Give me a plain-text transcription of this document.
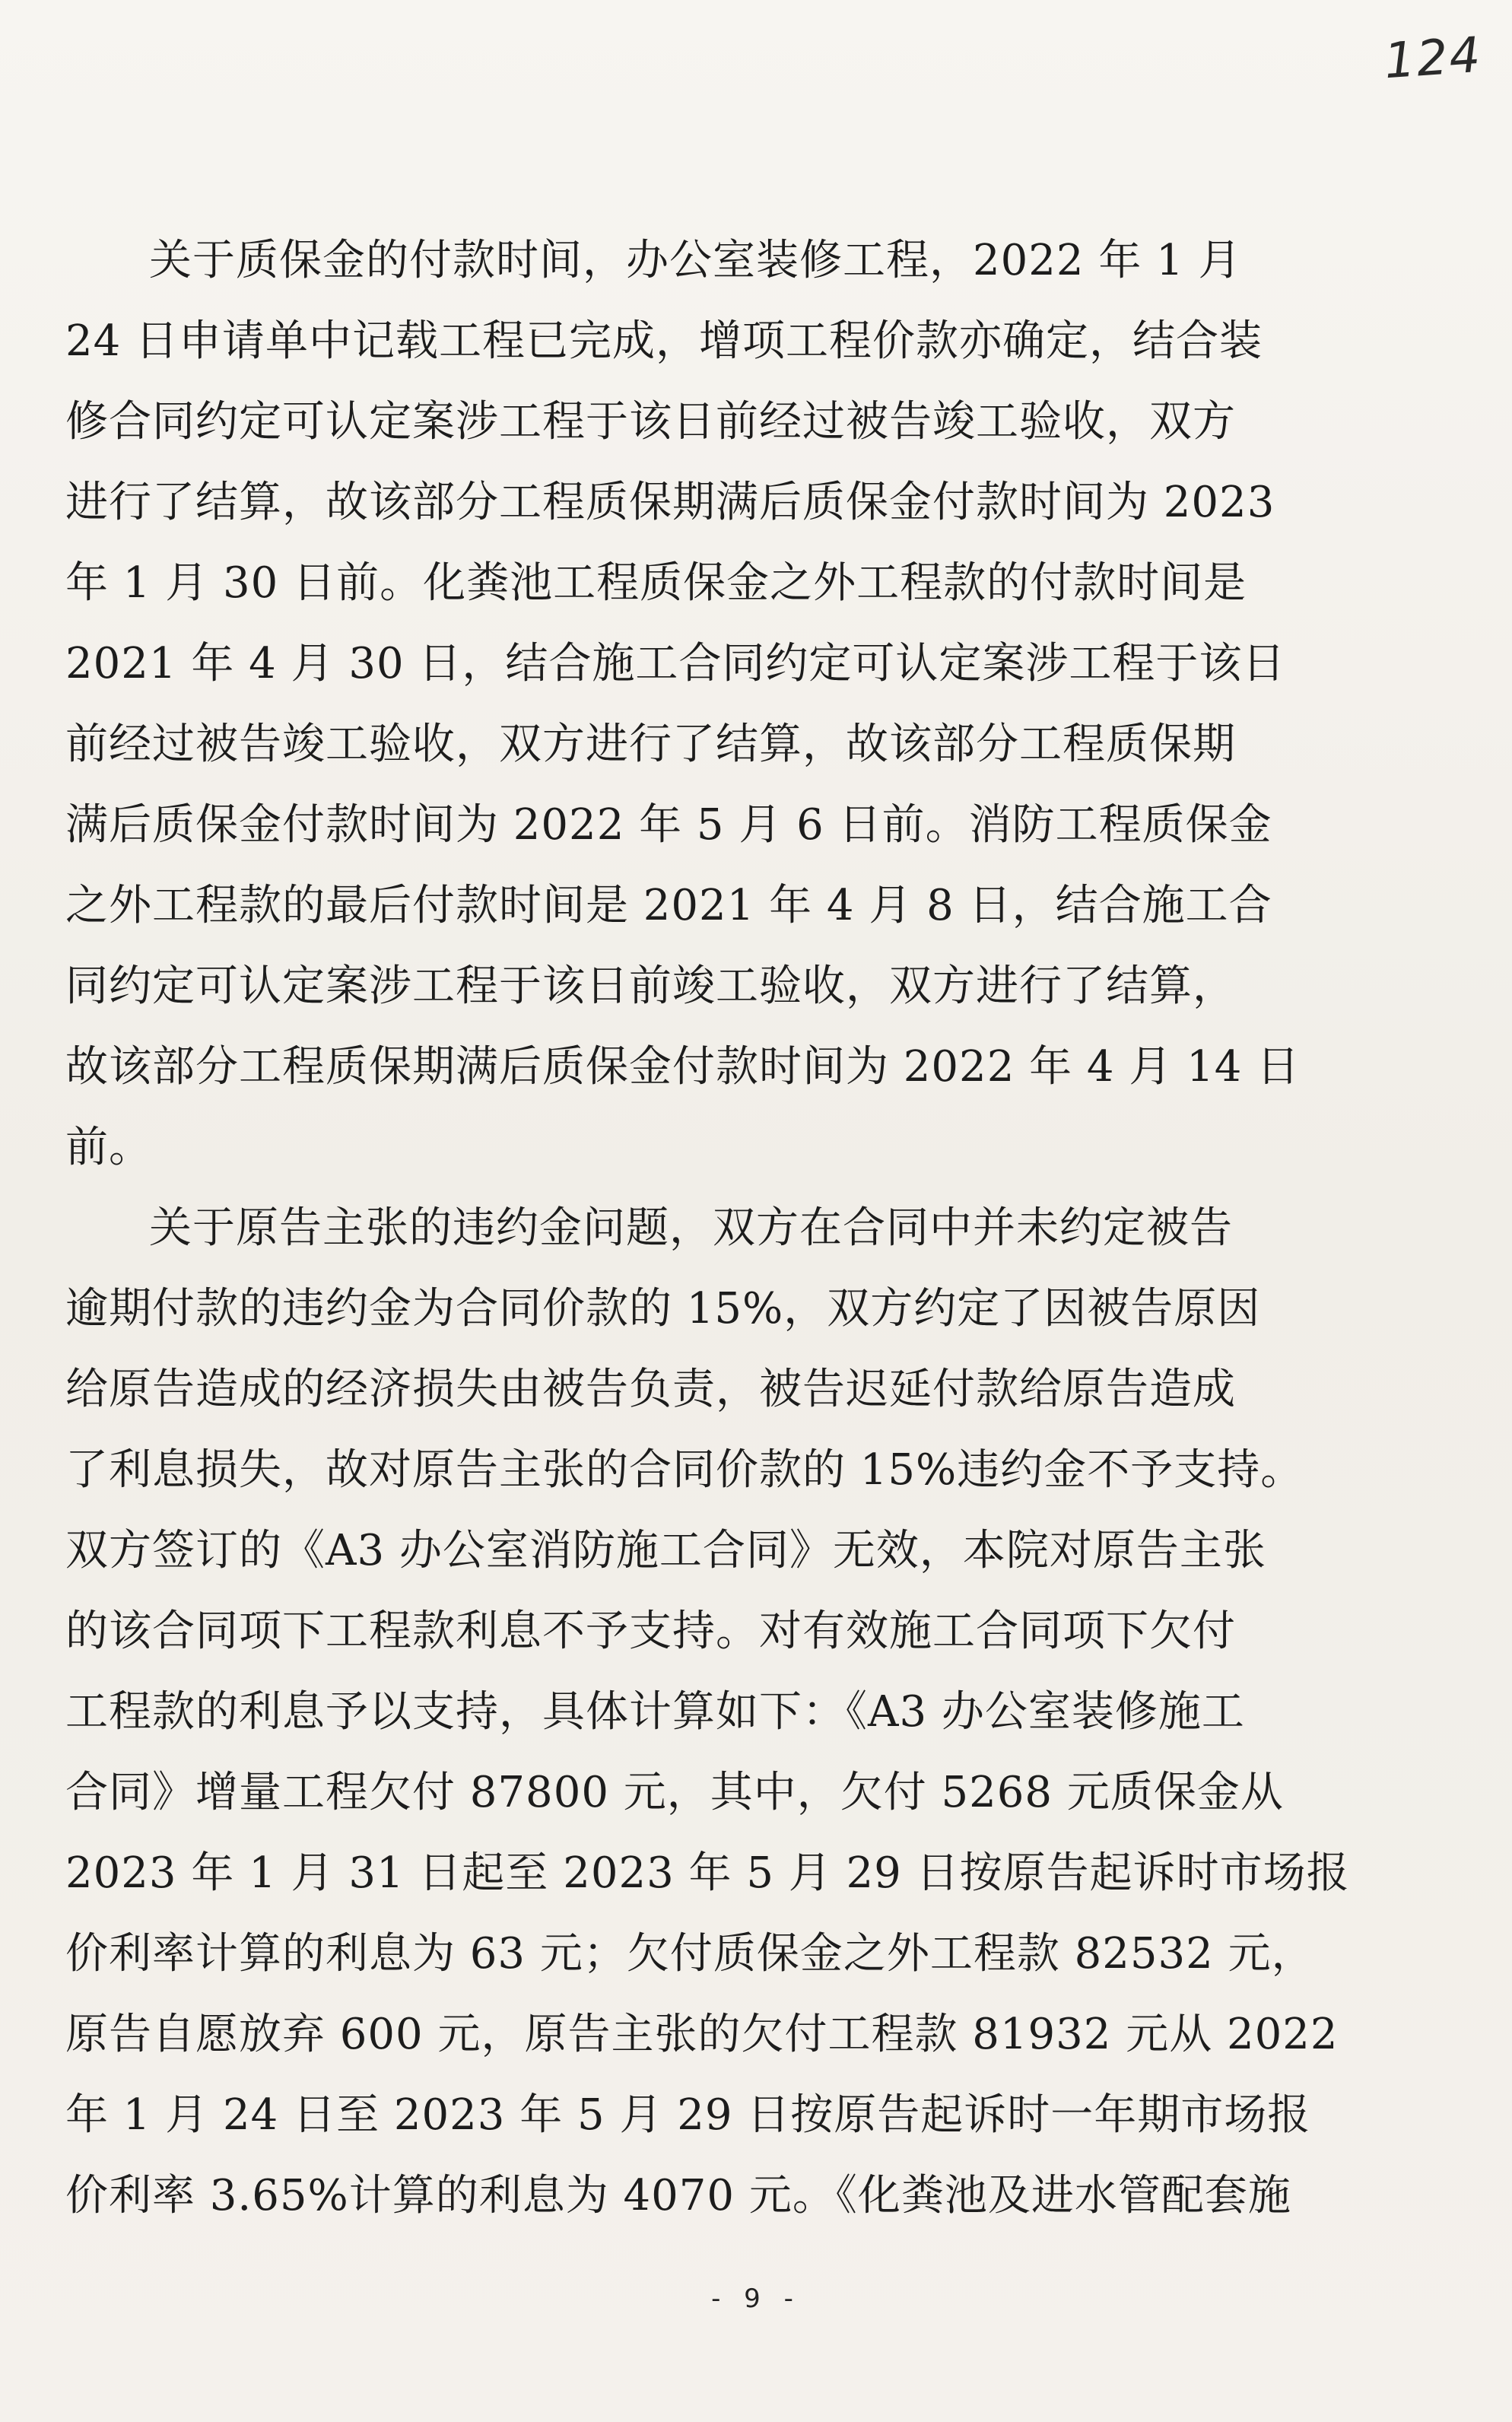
124
关于质保金的付款时间，办公室装修工程，2022 年 1 月
24 日申请单中记载工程已完成，增项工程价款亦确定，结合装
修合同约定可认定案涉工程于该日前经过被告竣工验收，双方
进行了结算，故该部分工程质保期满后质保金付款时间为 2023
年 1 月 30 日前。化粪池工程质保金之外工程款的付款时间是
2021 年 4 月 30 日，结合施工合同约定可认定案涉工程于该日
前经过被告竣工验收，双方进行了结算，故该部分工程质保期
满后质保金付款时间为 2022 年 5 月 6 日前。消防工程质保金
之外工程款的最后付款时间是 2021 年 4 月 8 日，结合施工合
同约定可认定案涉工程于该日前竣工验收，双方进行了结算，
故该部分工程质保期满后质保金付款时间为 2022 年 4 月 14 日
前。
关于原告主张的违约金问题，双方在合同中并未约定被告
逾期付款的违约金为合同价款的 15%，双方约定了因被告原因
给原告造成的经济损失由被告负责，被告迟延付款给原告造成
了利息损失，故对原告主张的合同价款的 15%违约金不予支持。
双方签订的《A3 办公室消防施工合同》无效，本院对原告主张
的该合同项下工程款利息不予支持。对有效施工合同项下欠付
工程款的利息予以支持，具体计算如下：《A3 办公室装修施工
合同》增量工程欠付 87800 元，其中，欠付 5268 元质保金从
2023 年 1 月 31 日起至 2023 年 5 月 29 日按原告起诉时市场报
价利率计算的利息为 63 元；欠付质保金之外工程款 82532 元，
原告自愿放弃 600 元，原告主张的欠付工程款 81932 元从 2022
年 1 月 24 日至 2023 年 5 月 29 日按原告起诉时一年期市场报
价利率 3.65%计算的利息为 4070 元。《化粪池及进水管配套施
- 9 -
